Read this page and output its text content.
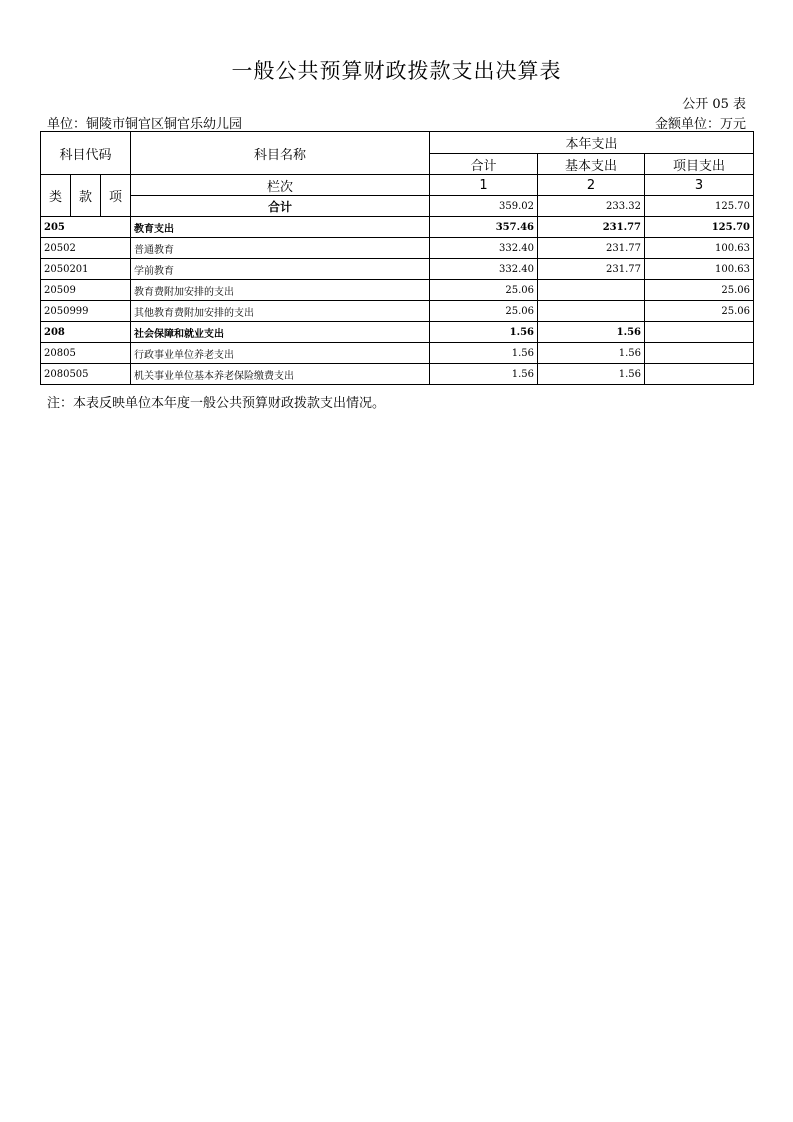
一般公共预算财政拨款支出决算表
公开 05 表
单位：铜陵市铜官区铜官乐幼儿园	金额单位：万元
科目代码			科目名称	本年支出		
				合计	基本支出	项目支出
类	款	项	栏次	1	2	3
			合计	359.02	233.32	125.70
205			教育支出	357.46	231.77	125.70
20502			普通教育	332.40	231.77	100.63
2050201			学前教育	332.40	231.77	100.63
20509			教育费附加安排的支出	25.06		25.06
2050999			其他教育费附加安排的支出	25.06		25.06
208			社会保障和就业支出	1.56	1.56	
20805			行政事业单位养老支出	1.56	1.56	
2080505			机关事业单位基本养老保险缴费支出	1.56	1.56	
注：本表反映单位本年度一般公共预算财政拨款支出情况。
